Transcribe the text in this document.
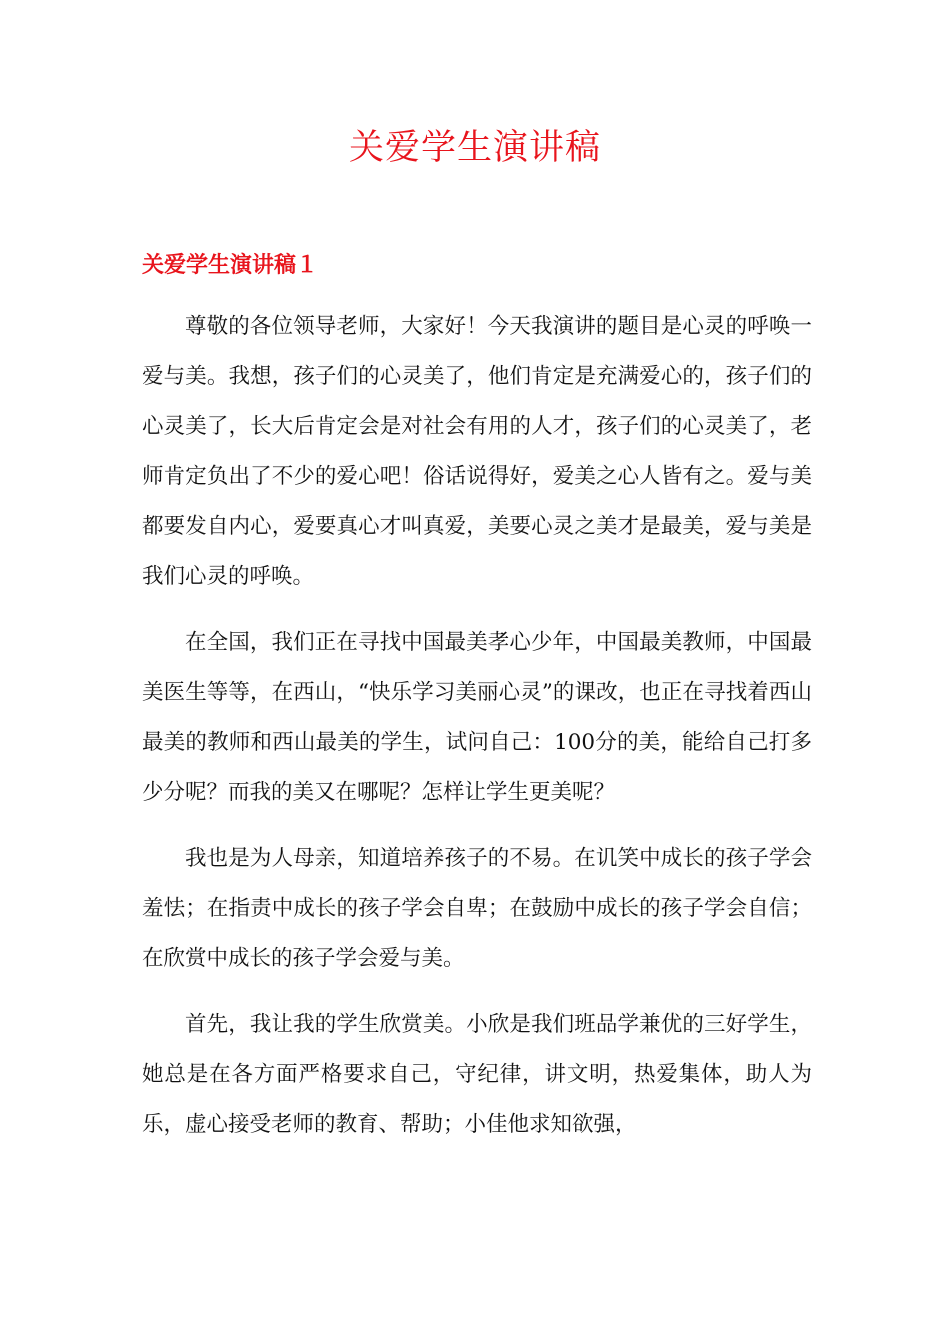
关爱学生演讲稿
关爱学生演讲稿１

尊敬的各位领导老师，大家好！今天我演讲的题目是心灵的呼唤一爱与美。我想，孩子们的心灵美了，他们肯定是充满爱心的，孩子们的心灵美了，长大后肯定会是对社会有用的人才，孩子们的心灵美了，老师肯定负出了不少的爱心吧！俗话说得好，爱美之心人皆有之。爱与美都要发自内心，爱要真心才叫真爱，美要心灵之美才是最美，爱与美是我们心灵的呼唤。

在全国，我们正在寻找中国最美孝心少年，中国最美教师，中国最美医生等等，在西山，“快乐学习美丽心灵”的课改，也正在寻找着西山最美的教师和西山最美的学生，试问自己：100分的美，能给自己打多少分呢？而我的美又在哪呢？怎样让学生更美呢？

我也是为人母亲，知道培养孩子的不易。在讥笑中成长的孩子学会羞怯；在指责中成长的孩子学会自卑；在鼓励中成长的孩子学会自信；在欣赏中成长的孩子学会爱与美。

首先，我让我的学生欣赏美。小欣是我们班品学兼优的三好学生，她总是在各方面严格要求自己，守纪律，讲文明，热爱集体，助人为乐，虚心接受老师的教育、帮助；小佳他求知欲强，
